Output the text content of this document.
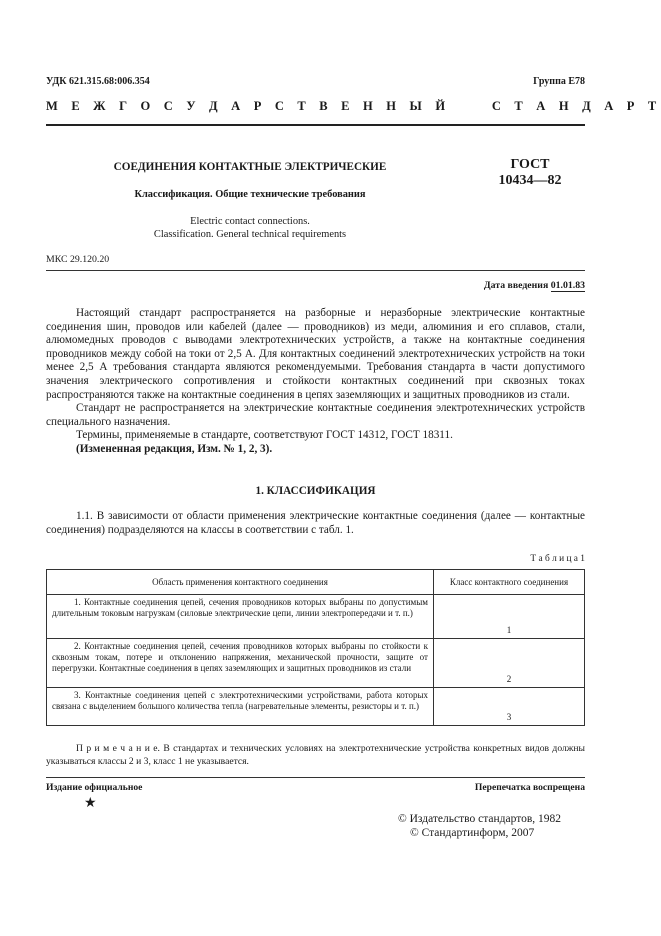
УДК 621.315.68:006.354	Группа Е78
М Е Ж Г О С У Д А Р С Т В Е Н Н Ы Й     С Т А Н Д А Р Т
СОЕДИНЕНИЯ КОНТАКТНЫЕ ЭЛЕКТРИЧЕСКИЕ
Классификация. Общие технические требования
Electric contact connections.
Classification. General technical requirements
ГОСТ
10434—82
МКС 29.120.20
Дата введения 01.01.83

Настоящий стандарт распространяется на разборные и неразборные электрические контактные соединения шин, проводов или кабелей (далее — проводников) из меди, алюминия и его сплавов, стали, алюмомедных проводов с выводами электротехнических устройств, а также на контактные соединения проводников между собой на токи от 2,5 А. Для контактных соединений электротехнических устройств на токи менее 2,5 А требования стандарта являются рекомендуемыми. Требования стандарта в части допустимого значения электрического сопротивления и стойкости контактных соединений при сквозных токах распространяются также на контактные соединения в цепях заземляющих и защитных проводников из стали.

Стандарт не распространяется на электрические контактные соединения электротехнических устройств специального назначения.

Термины, применяемые в стандарте, соответствуют ГОСТ 14312, ГОСТ 18311.

(Измененная редакция, Изм. № 1, 2, 3).

1. КЛАССИФИКАЦИЯ

1.1. В зависимости от области применения электрические контактные соединения (далее — контактные соединения) подразделяются на классы в соответствии с табл. 1.

Т а б л и ц а 1
Область применения контактного соединения	Класс контактного соединения

1. Контактные соединения цепей, сечения проводников которых выбраны по допустимым длительным токовым нагрузкам (силовые электрические цепи, линии электропередачи и т. п.)	1

2. Контактные соединения цепей, сечения проводников которых выбраны по стойкости к сквозным токам, потере и отклонению напряжения, механической прочности, защите от перегрузки. Контактные соединения в цепях заземляющих и защитных проводников из стали	2

3. Контактные соединения цепей с электротехническими устройствами, работа которых связана с выделением большого количества тепла (нагревательные элементы, резисторы и т. п.)	3
П р и м е ч а н и е. В стандартах и технических условиях на электротехнические устройства конкретных видов должны указываться классы 2 и 3, класс 1 не указывается.
Издание официальное	Перепечатка воспрещена
★
© Издательство стандартов, 1982
© Стандартинформ, 2007
